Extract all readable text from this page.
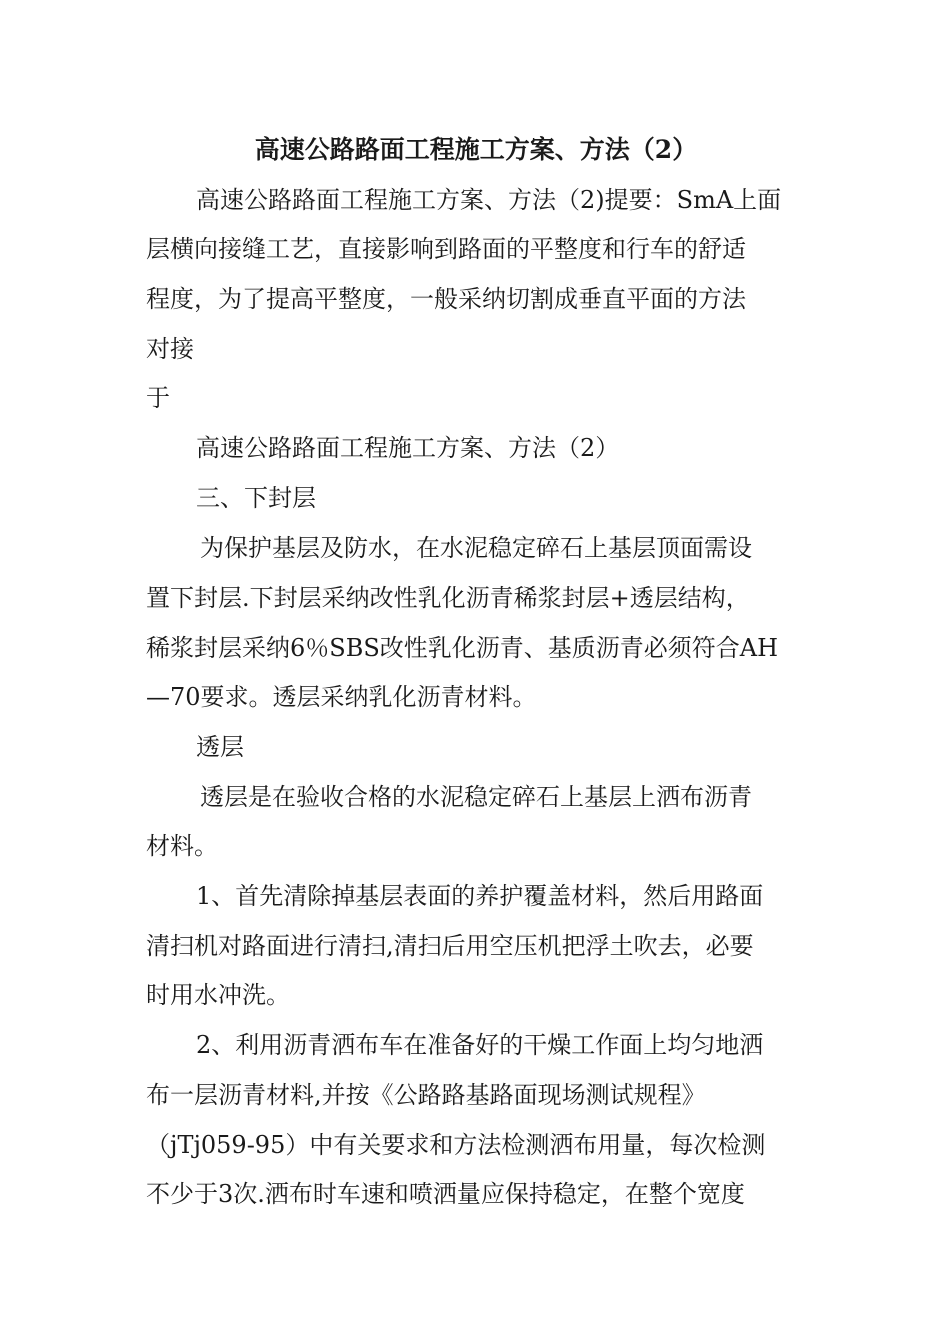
高速公路路面工程施工方案、方法（2）
高速公路路面工程施工方案、方法（2)提要：SmA上面
层横向接缝工艺，直接影响到路面的平整度和行车的舒适
程度，为了提高平整度，一般采纳切割成垂直平面的方法
对接
于
高速公路路面工程施工方案、方法（2）
三、下封层
为保护基层及防水，在水泥稳定碎石上基层顶面需设
置下封层.下封层采纳改性乳化沥青稀浆封层+透层结构，
稀浆封层采纳6％SBS改性乳化沥青、基质沥青必须符合AH
—70要求。透层采纳乳化沥青材料。
透层
透层是在验收合格的水泥稳定碎石上基层上洒布沥青
材料。
1、首先清除掉基层表面的养护覆盖材料，然后用路面
清扫机对路面进行清扫,清扫后用空压机把浮土吹去，必要
时用水冲洗。
2、利用沥青洒布车在准备好的干燥工作面上均匀地洒
布一层沥青材料,并按《公路路基路面现场测试规程》
（jTj059-95）中有关要求和方法检测洒布用量，每次检测
不少于3次.洒布时车速和喷洒量应保持稳定，在整个宽度
